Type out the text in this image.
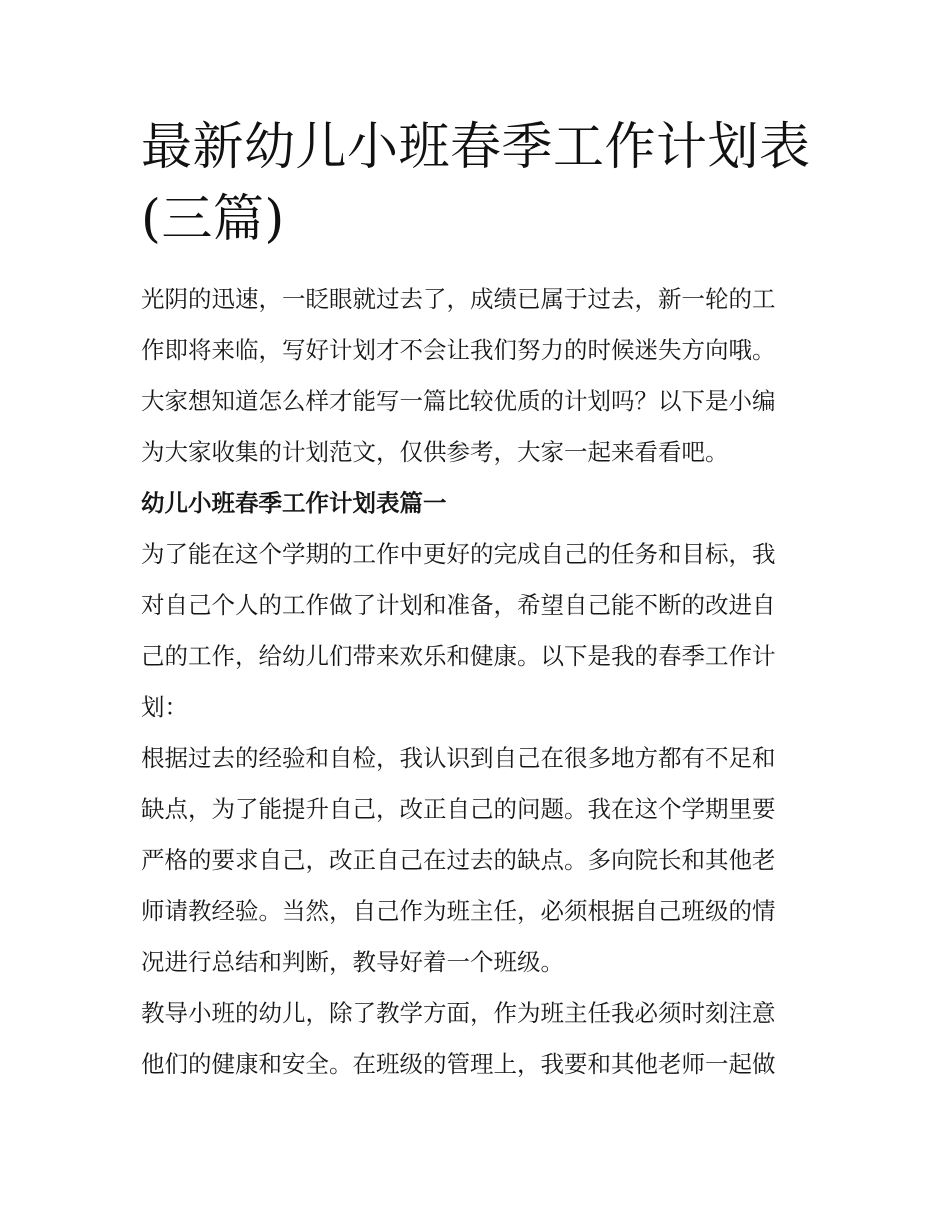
最新幼儿小班春季工作计划表
(三篇)

光阴的迅速，一眨眼就过去了，成绩已属于过去，新一轮的工
作即将来临，写好计划才不会让我们努力的时候迷失方向哦。
大家想知道怎么样才能写一篇比较优质的计划吗？以下是小编
为大家收集的计划范文，仅供参考，大家一起来看看吧。

幼儿小班春季工作计划表篇一

为了能在这个学期的工作中更好的完成自己的任务和目标，我
对自己个人的工作做了计划和准备，希望自己能不断的改进自
己的工作，给幼儿们带来欢乐和健康。以下是我的春季工作计
划：

根据过去的经验和自检，我认识到自己在很多地方都有不足和
缺点，为了能提升自己，改正自己的问题。我在这个学期里要
严格的要求自己，改正自己在过去的缺点。多向院长和其他老
师请教经验。当然，自己作为班主任，必须根据自己班级的情
况进行总结和判断，教导好着一个班级。

教导小班的幼儿，除了教学方面，作为班主任我必须时刻注意
他们的健康和安全。在班级的管理上，我要和其他老师一起做
